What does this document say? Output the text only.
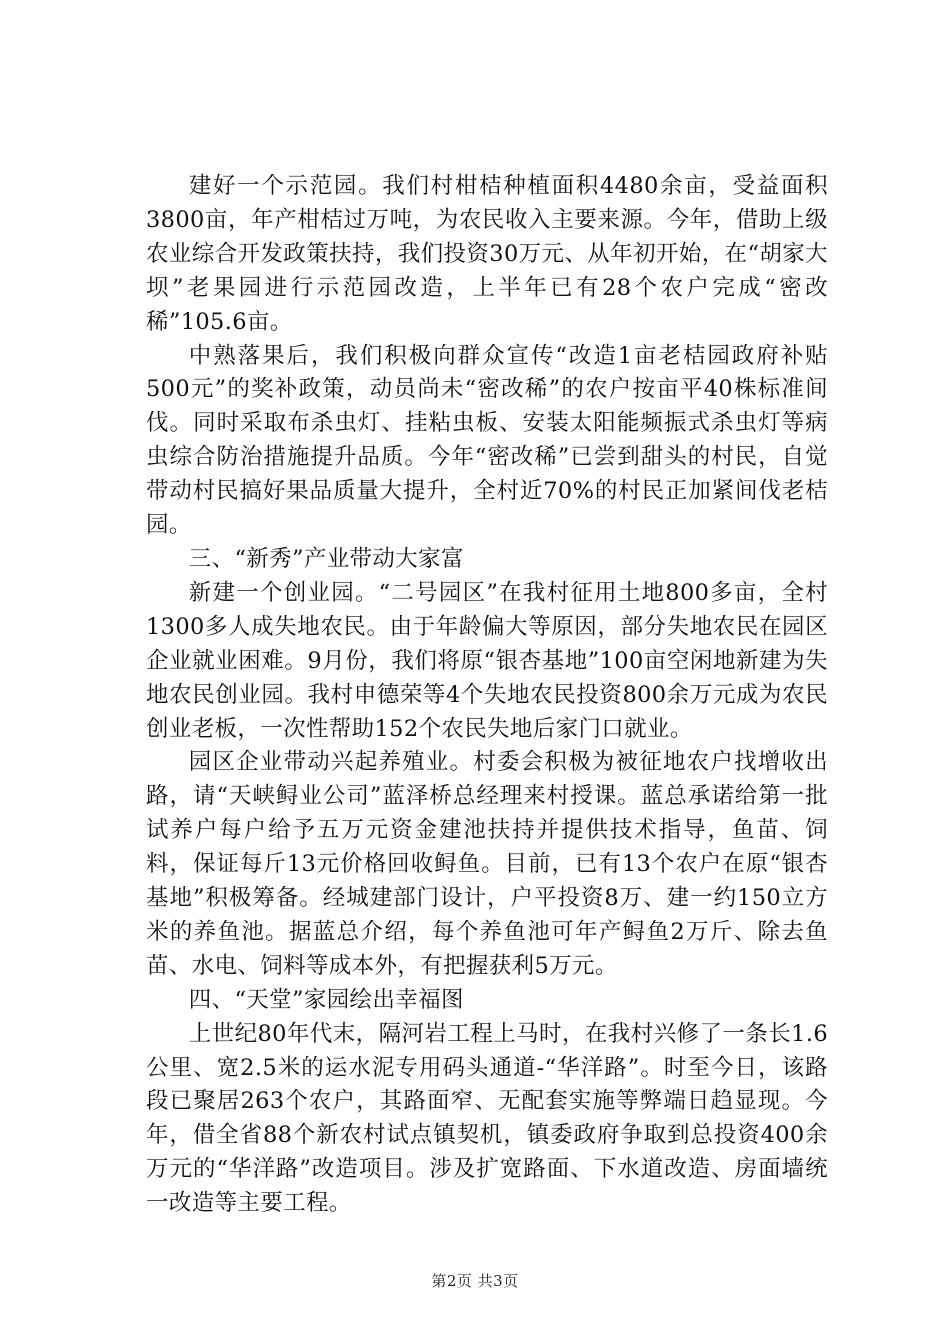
建好一个示范园。我们村柑桔种植面积4480余亩，受益面积3800亩，年产柑桔过万吨，为农民收入主要来源。今年，借助上级农业综合开发政策扶持，我们投资30万元、从年初开始，在“胡家大坝”老果园进行示范园改造，上半年已有28个农户完成“密改稀”105.6亩。

中熟落果后，我们积极向群众宣传“改造1亩老桔园政府补贴500元”的奖补政策，动员尚未“密改稀”的农户按亩平40株标准间伐。同时采取布杀虫灯、挂粘虫板、安装太阳能频振式杀虫灯等病虫综合防治措施提升品质。今年“密改稀”已尝到甜头的村民，自觉带动村民搞好果品质量大提升，全村近70%的村民正加紧间伐老桔园。

三、“新秀”产业带动大家富

新建一个创业园。“二号园区”在我村征用土地800多亩，全村1300多人成失地农民。由于年龄偏大等原因，部分失地农民在园区企业就业困难。9月份，我们将原“银杏基地”100亩空闲地新建为失地农民创业园。我村申德荣等4个失地农民投资800余万元成为农民创业老板，一次性帮助152个农民失地后家门口就业。

园区企业带动兴起养殖业。村委会积极为被征地农户找增收出路，请“天峡鲟业公司”蓝泽桥总经理来村授课。蓝总承诺给第一批试养户每户给予五万元资金建池扶持并提供技术指导，鱼苗、饲料，保证每斤13元价格回收鲟鱼。目前，已有13个农户在原“银杏基地”积极筹备。经城建部门设计，户平投资8万、建一约150立方米的养鱼池。据蓝总介绍，每个养鱼池可年产鲟鱼2万斤、除去鱼苗、水电、饲料等成本外，有把握获利5万元。

四、“天堂”家园绘出幸福图

上世纪80年代末，隔河岩工程上马时，在我村兴修了一条长1.6公里、宽2.5米的运水泥专用码头通道-“华洋路”。时至今日，该路段已聚居263个农户，其路面窄、无配套实施等弊端日趋显现。今年，借全省88个新农村试点镇契机，镇委政府争取到总投资400余万元的“华洋路”改造项目。涉及扩宽路面、下水道改造、房面墙统一改造等主要工程。

第2页 共3页
